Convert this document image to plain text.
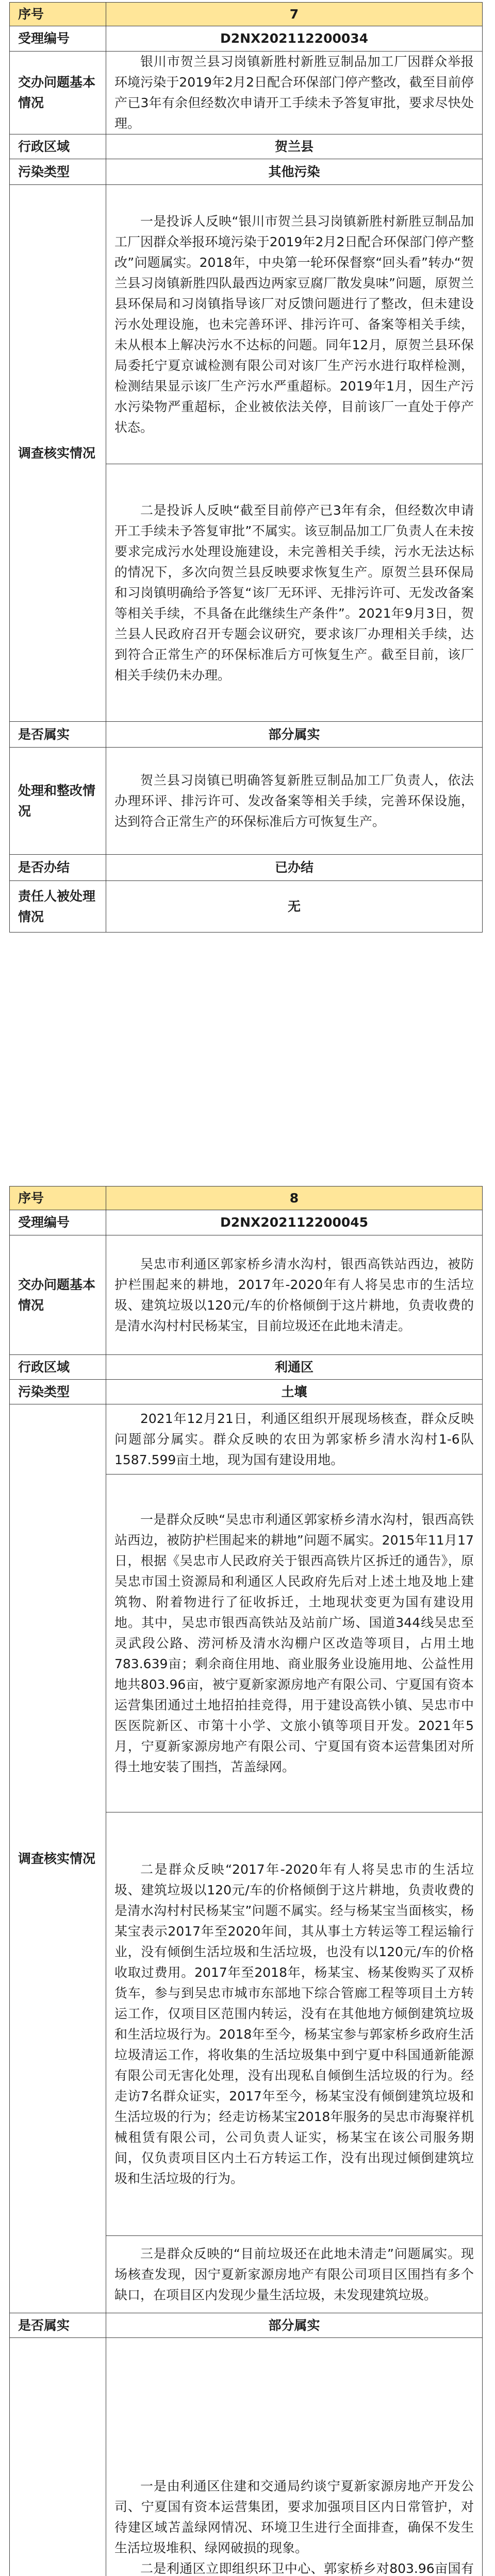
序号	7
受理编号	D2NX202112200034
交办问题基本情况	银川市贺兰县习岗镇新胜村新胜豆制品加工厂因群众举报环境污染于2019年2月2日配合环保部门停产整改，截至目前停产已3年有余但经数次申请开工手续未予答复审批，要求尽快处理。

行政区域	贺兰县
污染类型	其他污染
调查核实情况	一是投诉人反映“银川市贺兰县习岗镇新胜村新胜豆制品加工厂因群众举报环境污染于2019年2月2日配合环保部门停产整改”问题属实。2018年，中央第一轮环保督察“回头看”转办“贺兰县习岗镇新胜四队最西边两家豆腐厂散发臭味”问题，原贺兰县环保局和习岗镇指导该厂对反馈问题进行了整改，但未建设污水处理设施，也未完善环评、排污许可、备案等相关手续，未从根本上解决污水不达标的问题。同年12月，原贺兰县环保局委托宁夏京诚检测有限公司对该厂生产污水进行取样检测，检测结果显示该厂生产污水严重超标。2019年1月，因生产污水污染物严重超标，企业被依法关停，目前该厂一直处于停产状态。

	二是投诉人反映“截至目前停产已3年有余，但经数次申请开工手续未予答复审批”不属实。该豆制品加工厂负责人在未按要求完成污水处理设施建设，未完善相关手续，污水无法达标的情况下，多次向贺兰县反映要求恢复生产。原贺兰县环保局和习岗镇明确给予答复“该厂无环评、无排污许可、无发改备案等相关手续，不具备在此继续生产条件”。2021年9月3日，贺兰县人民政府召开专题会议研究，要求该厂办理相关手续，达到符合正常生产的环保标准后方可恢复生产。截至目前，该厂相关手续仍未办理。

是否属实	部分属实
处理和整改情况	贺兰县习岗镇已明确答复新胜豆制品加工厂负责人，依法办理环评、排污许可、发改备案等相关手续，完善环保设施，达到符合正常生产的环保标准后方可恢复生产。

是否办结	已办结
责任人被处理情况	无
序号	8
受理编号	D2NX202112200045
交办问题基本情况	吴忠市利通区郭家桥乡清水沟村，银西高铁站西边，被防护栏围起来的耕地，2017年-2020年有人将吴忠市的生活垃圾、建筑垃圾以120元/车的价格倾倒于这片耕地，负责收费的是清水沟村村民杨某宝，目前垃圾还在此地未清走。

行政区域	利通区
污染类型	土壤
调查核实情况	2021年12月21日，利通区组织开展现场核查，群众反映问题部分属实。群众反映的农田为郭家桥乡清水沟村1-6队1587.599亩土地，现为国有建设用地。

	一是群众反映“吴忠市利通区郭家桥乡清水沟村，银西高铁站西边，被防护栏围起来的耕地”问题不属实。2015年11月17日，根据《吴忠市人民政府关于银西高铁片区拆迁的通告》，原吴忠市国土资源局和利通区人民政府先后对上述土地及地上建筑物、附着物进行了征收拆迁，土地现状变更为国有建设用地。其中，吴忠市银西高铁站及站前广场、国道344线吴忠至灵武段公路、涝河桥及清水沟棚户区改造等项目，占用土地783.639亩；剩余商住用地、商业服务业设施用地、公益性用地共803.96亩，被宁夏新家源房地产有限公司、宁夏国有资本运营集团通过土地招拍挂竞得，用于建设高铁小镇、吴忠市中医医院新区、市第十小学、文旅小镇等项目开发。2021年5月，宁夏新家源房地产有限公司、宁夏国有资本运营集团对所得土地安装了围挡，苫盖绿网。

	二是群众反映“2017年-2020年有人将吴忠市的生活垃圾、建筑垃圾以120元/车的价格倾倒于这片耕地，负责收费的是清水沟村村民杨某宝”问题不属实。经与杨某宝当面核实，杨某宝表示2017年至2020年间，其从事土方转运等工程运输行业，没有倾倒生活垃圾和生活垃圾，也没有以120元/车的价格收取过费用。2017年至2018年，杨某宝、杨某俊购买了双桥货车，参与到吴忠市城市东部地下综合管廊工程等项目土方转运工作，仅项目区范围内转运，没有在其他地方倾倒建筑垃圾和生活垃圾行为。2018年至今，杨某宝参与郭家桥乡政府生活垃圾清运工作，将收集的生活垃圾集中到宁夏中科国通新能源有限公司无害化处理，没有出现私自倾倒生活垃圾的行为。经走访7名群众证实，2017年至今，杨某宝没有倾倒建筑垃圾和生活垃圾的行为；经走访杨某宝2018年服务的吴忠市海聚祥机械租赁有限公司，公司负责人证实，杨某宝在该公司服务期间，仅负责项目区内土石方转运工作，没有出现过倾倒建筑垃圾和生活垃圾的行为。

	三是群众反映的“目前垃圾还在此地未清走”问题属实。现场核查发现，因宁夏新家源房地产有限公司项目区围挡有多个缺口，在项目区内发现少量生活垃圾，未发现建筑垃圾。

是否属实	部分属实

一是由利通区住建和交通局约谈宁夏新家源房地产开发公司、宁夏国有资本运营集团，要求加强项目区内日常管护，对待建区域苫盖绿网情况、环境卫生进行全面排查，确保不发生生活垃圾堆积、绿网破损的现象。

二是利通区立即组织环卫中心、郭家桥乡对803.96亩国有
